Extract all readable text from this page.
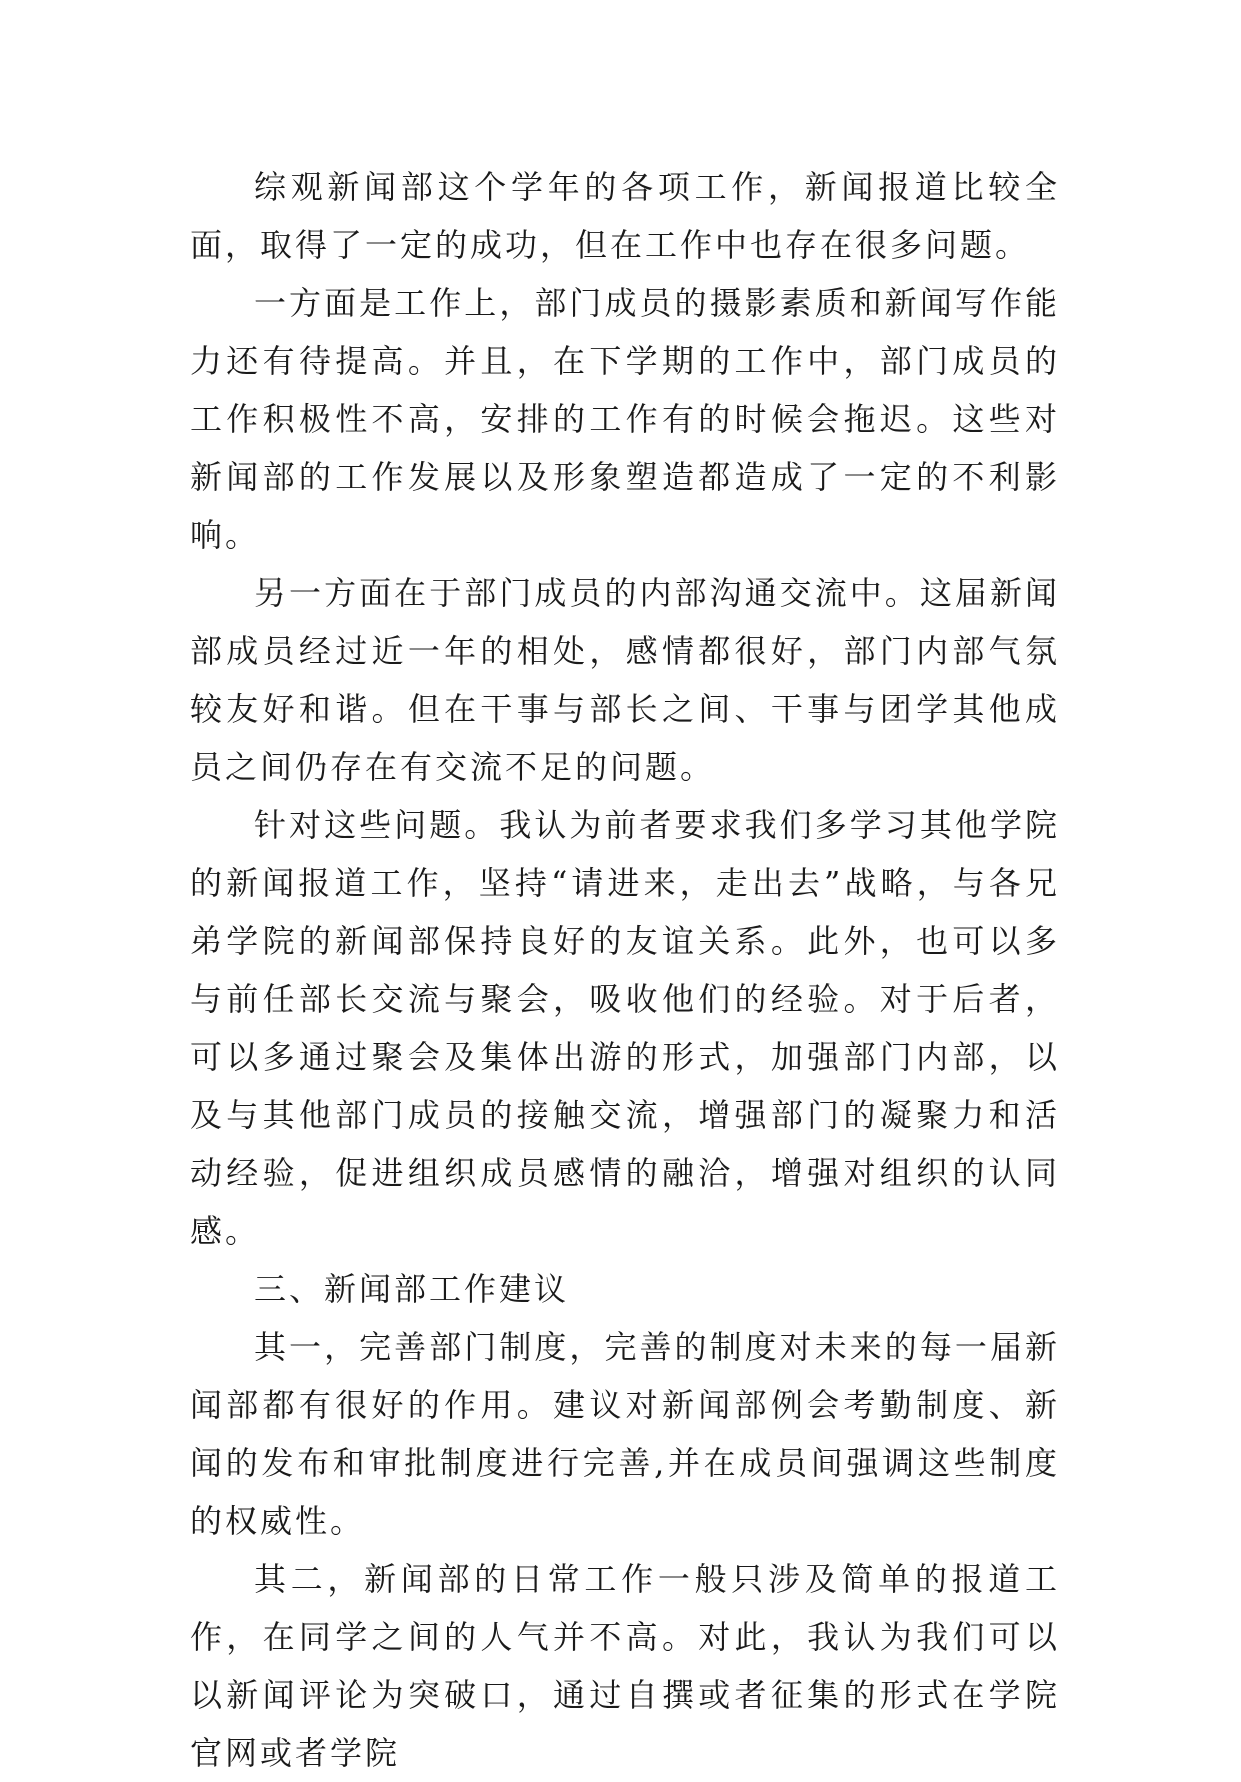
综观新闻部这个学年的各项工作，新闻报道比较全面，取得了一定的成功，但在工作中也存在很多问题。

一方面是工作上，部门成员的摄影素质和新闻写作能力还有待提高。并且，在下学期的工作中，部门成员的工作积极性不高，安排的工作有的时候会拖迟。这些对新闻部的工作发展以及形象塑造都造成了一定的不利影响。

另一方面在于部门成员的内部沟通交流中。这届新闻部成员经过近一年的相处，感情都很好，部门内部气氛较友好和谐。但在干事与部长之间、干事与团学其他成员之间仍存在有交流不足的问题。

针对这些问题。我认为前者要求我们多学习其他学院的新闻报道工作，坚持“请进来，走出去”战略，与各兄弟学院的新闻部保持良好的友谊关系。此外，也可以多与前任部长交流与聚会，吸收他们的经验。对于后者，可以多通过聚会及集体出游的形式，加强部门内部，以及与其他部门成员的接触交流，增强部门的凝聚力和活动经验，促进组织成员感情的融洽，增强对组织的认同感。

三、新闻部工作建议

其一，完善部门制度，完善的制度对未来的每一届新闻部都有很好的作用。建议对新闻部例会考勤制度、新闻的发布和审批制度进行完善,并在成员间强调这些制度的权威性。

其二，新闻部的日常工作一般只涉及简单的报道工作，在同学之间的人气并不高。对此，我认为我们可以以新闻评论为突破口，通过自撰或者征集的形式在学院官网或者学院
